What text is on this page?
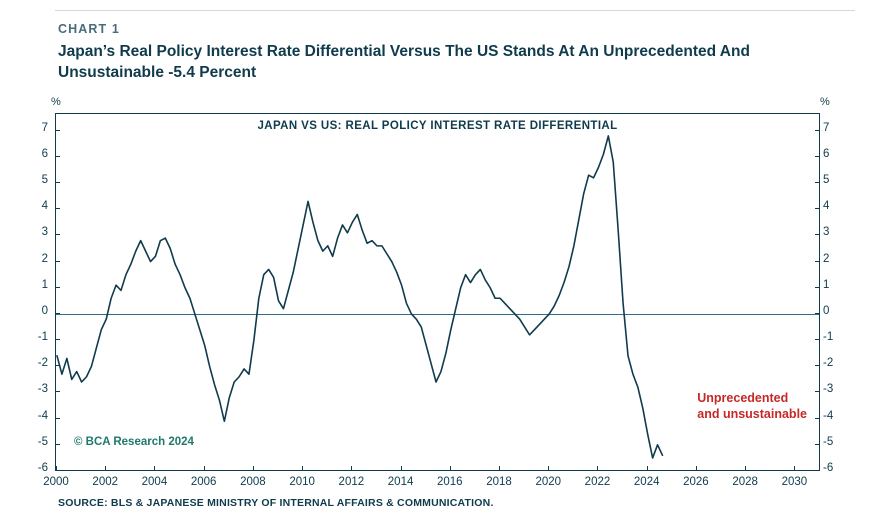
CHART 1
Japan’s Real Policy Interest Rate Differential Versus The US Stands At An Unprecedented And Unsustainable -5.4 Percent
%	%
JAPAN VS US: REAL POLICY INTEREST RATE DIFFERENTIAL
© BCA Research 2024
Unprecedented
and unsustainable
-6	-6
-5	-5
-4	-4
-3	-3
-2	-2
-1	-1
0	0
1	1
2	2
3	3
4	4
5	5
6	6
7	7
2000 2002 2004 2006 2008 2010 2012 2014 2016 2018 2020 2022 2024 2026 2028 2030
SOURCE: BLS & JAPANESE MINISTRY OF INTERNAL AFFAIRS & COMMUNICATION.
